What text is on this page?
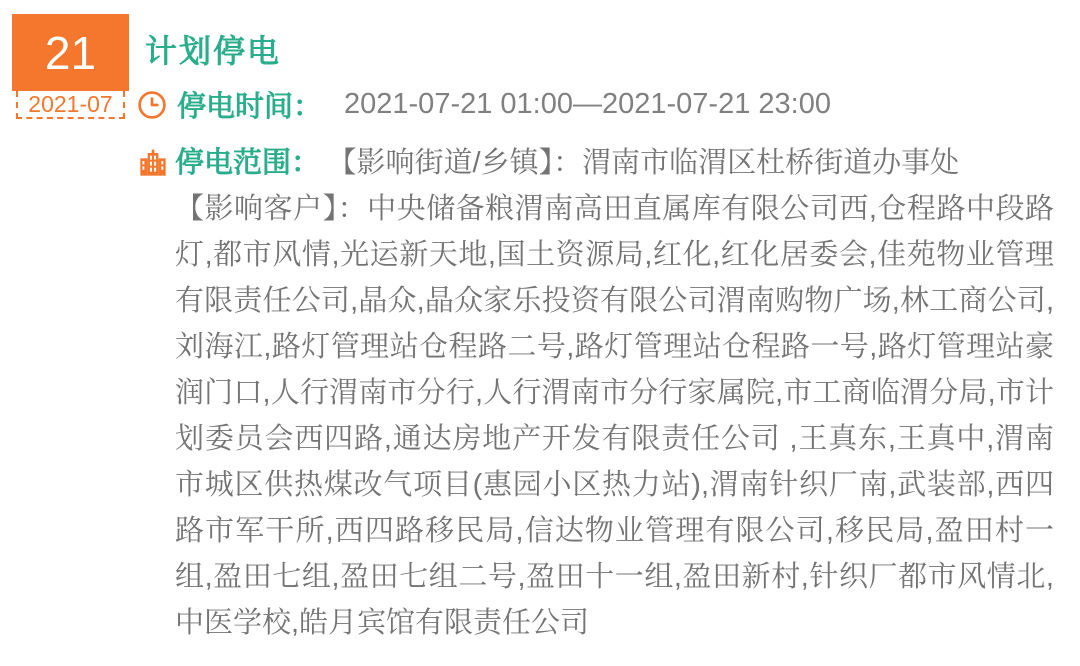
21
2021-07
计划停电
停电时间： 2021-07-21 01:00—2021-07-21 23:00

停电范围： 【影响街道/乡镇】：渭南市临渭区杜桥街道办事处
【影响客户】：中央储备粮渭南高田直属库有限公司西,仓程路中段路灯,都市风情,光运新天地,国土资源局,红化,红化居委会,佳苑物业管理有限责任公司,晶众,晶众家乐投资有限公司渭南购物广场,林工商公司,刘海江,路灯管理站仓程路二号,路灯管理站仓程路一号,路灯管理站豪润门口,人行渭南市分行,人行渭南市分行家属院,市工商临渭分局,市计划委员会西四路,通达房地产开发有限责任公司 ,王真东,王真中,渭南市城区供热煤改气项目(惠园小区热力站),渭南针织厂南,武装部,西四路市军干所,西四路移民局,信达物业管理有限公司,移民局,盈田村一组,盈田七组,盈田七组二号,盈田十一组,盈田新村,针织厂都市风情北,中医学校,皓月宾馆有限责任公司
